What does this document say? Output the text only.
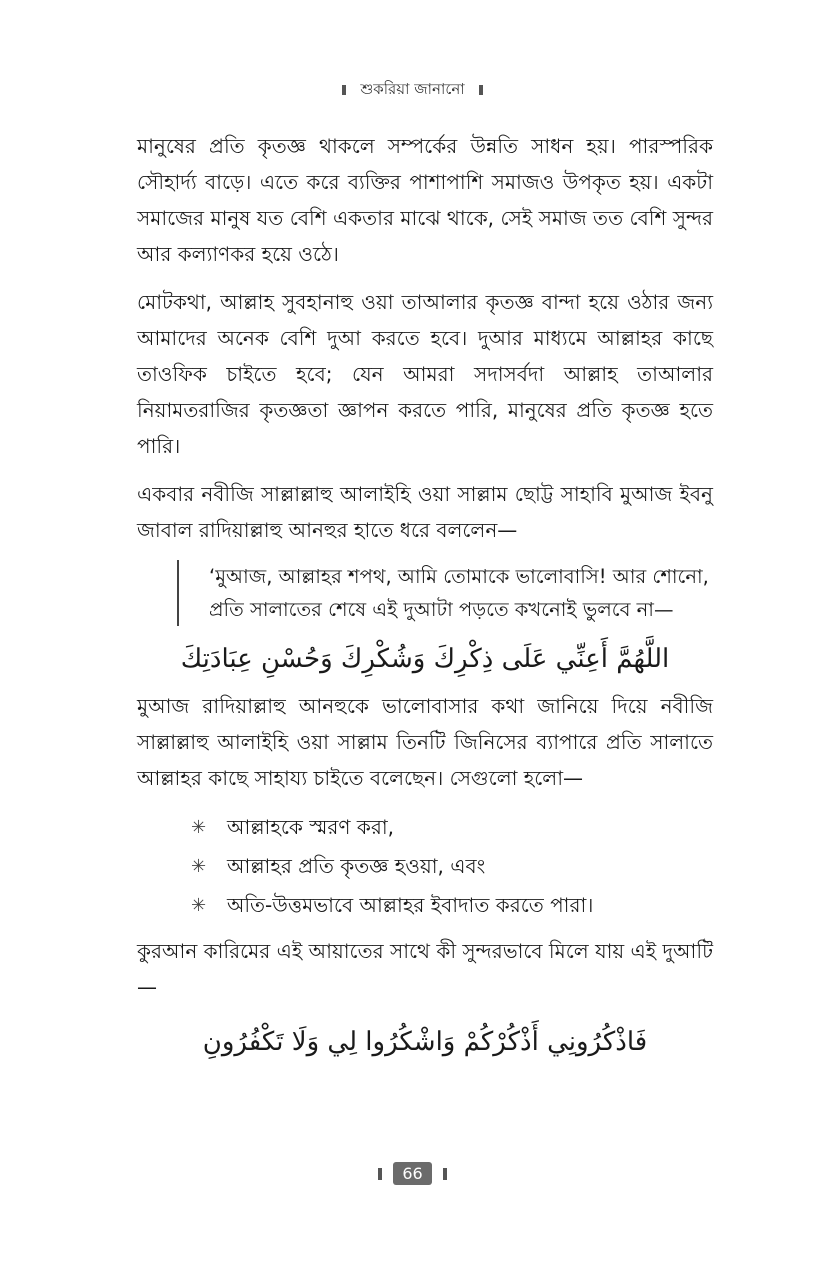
শুকরিয়া জানানো

মানুষের প্রতি কৃতজ্ঞ থাকলে সম্পর্কের উন্নতি সাধন হয়। পারস্পরিক সৌহার্দ্য বাড়ে। এতে করে ব্যক্তির পাশাপাশি সমাজও উপকৃত হয়। একটা সমাজের মানুষ যত বেশি একতার মাঝে থাকে, সেই সমাজ তত বেশি সুন্দর আর কল্যাণকর হয়ে ওঠে।

মোটকথা, আল্লাহ সুবহানাহু ওয়া তাআলার কৃতজ্ঞ বান্দা হয়ে ওঠার জন্য আমাদের অনেক বেশি দুআ করতে হবে। দুআর মাধ্যমে আল্লাহর কাছে তাওফিক চাইতে হবে; যেন আমরা সদাসর্বদা আল্লাহ তাআলার নিয়ামতরাজির কৃতজ্ঞতা জ্ঞাপন করতে পারি, মানুষের প্রতি কৃতজ্ঞ হতে পারি।

একবার নবীজি সাল্লাল্লাহু আলাইহি ওয়া সাল্লাম ছোট্ট সাহাবি মুআজ ইবনু জাবাল রাদিয়াল্লাহু আনহুর হাতে ধরে বললেন—

‘মুআজ, আল্লাহর শপথ, আমি তোমাকে ভালোবাসি! আর শোনো, প্রতি সালাতের শেষে এই দুআটা পড়তে কখনোই ভুলবে না—
اللَّهُمَّ أَعِنِّي عَلَى ذِكْرِكَ وَشُكْرِكَ وَحُسْنِ عِبَادَتِكَ

মুআজ রাদিয়াল্লাহু আনহুকে ভালোবাসার কথা জানিয়ে দিয়ে নবীজি সাল্লাল্লাহু আলাইহি ওয়া সাল্লাম তিনটি জিনিসের ব্যাপারে প্রতি সালাতে আল্লাহর কাছে সাহায্য চাইতে বলেছেন। সেগুলো হলো—

✳	আল্লাহকে স্মরণ করা,
✳	আল্লাহর প্রতি কৃতজ্ঞ হওয়া, এবং
✳	অতি-উত্তমভাবে আল্লাহর ইবাদাত করতে পারা।

কুরআন কারিমের এই আয়াতের সাথে কী সুন্দরভাবে মিলে যায় এই দুআটি—

فَاذْكُرُونِي أَذْكُرْكُمْ وَاشْكُرُوا لِي وَلَا تَكْفُرُونِ
66
